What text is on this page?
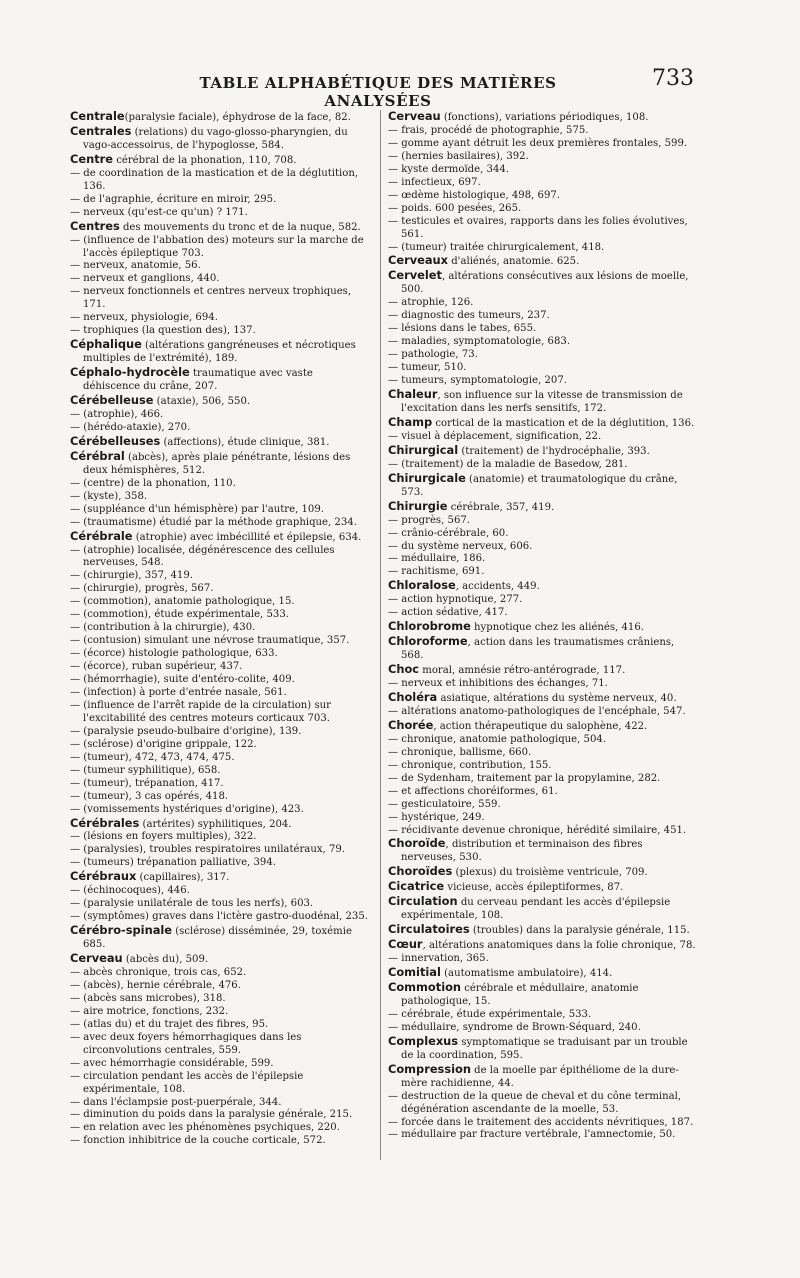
TABLE ALPHABÉTIQUE DES MATIÈRES ANALYSÉES
733

Centrale(paralysie faciale), éphydrose de la face, 82.

Centrales (relations) du vago-glosso-pharyngien, du vago-accessoirus, de l'hypoglosse, 584.

Centre cérébral de la phonation, 110, 708.

— de coordination de la mastication et de la déglutition, 136.

— de l'agraphie, écriture en miroir, 295.

— nerveux (qu'est-ce qu'un) ? 171.

Centres des mouvements du tronc et de la nuque, 582.

— (influence de l'abbation des) moteurs sur la marche de l'accès épileptique 703.

— nerveux, anatomie, 56.

— nerveux et ganglions, 440.

— nerveux fonctionnels et centres nerveux trophiques, 171.

— nerveux, physiologie, 694.

— trophiques (la question des), 137.

Céphalique (altérations gangréneuses et nécrotiques multiples de l'extrémité), 189.

Céphalo-hydrocèle traumatique avec vaste déhiscence du crâne, 207.

Cérébelleuse (ataxie), 506, 550.

— (atrophie), 466.

— (hérédo-ataxie), 270.

Cérébelleuses (affections), étude clinique, 381.

Cérébral (abcès), après plaie pénétrante, lésions des deux hémisphères, 512.

— (centre) de la phonation, 110.

— (kyste), 358.

— (suppléance d'un hémisphère) par l'autre, 109.

— (traumatisme) étudié par la méthode graphique, 234.

Cérébrale (atrophie) avec imbécillité et épilepsie, 634.

— (atrophie) localisée, dégénérescence des cellules nerveuses, 548.

— (chirurgie), 357, 419.

— (chirurgie), progrès, 567.

— (commotion), anatomie pathologique, 15.

— (commotion), étude expérimentale, 533.

— (contribution à la chirurgie), 430.

— (contusion) simulant une névrose traumatique, 357.

— (écorce) histologie pathologique, 633.

— (écorce), ruban supérieur, 437.

— (hémorrhagie), suite d'entéro-colite, 409.

— (infection) à porte d'entrée nasale, 561.

— (influence de l'arrêt rapide de la circulation) sur l'excitabilité des centres moteurs corticaux 703.

— (paralysie pseudo-bulbaire d'origine), 139.

— (sclérose) d'origine grippale, 122.

— (tumeur), 472, 473, 474, 475.

— (tumeur syphilitique), 658.

— (tumeur), trépanation, 417.

— (tumeur), 3 cas opérés, 418.

— (vomissements hystériques d'origine), 423.

Cérébrales (artérites) syphilitiques, 204.

— (lésions en foyers multiples), 322.

— (paralysies), troubles respiratoires unilatéraux, 79.

— (tumeurs) trépanation palliative, 394.

Cérébraux (capillaires), 317.

— (échinocoques), 446.

— (paralysie unilatérale de tous les nerfs), 603.

— (symptômes) graves dans l'ictère gastro-duodénal, 235.

Cérébro-spinale (sclérose) disséminée, 29, toxémie 685.

Cerveau (abcès du), 509.

— abcès chronique, trois cas, 652.

— (abcès), hernie cérébrale, 476.

— (abcès sans microbes), 318.

— aire motrice, fonctions, 232.

— (atlas du) et du trajet des fibres, 95.

— avec deux foyers hémorrhagiques dans les circonvolutions centrales, 559.

— avec hémorrhagie considérable, 599.

— circulation pendant les accès de l'épilepsie expérimentale, 108.

— dans l'éclampsie post-puerpérale, 344.

— diminution du poids dans la paralysie générale, 215.

— en relation avec les phénomènes psychiques, 220.

— fonction inhibitrice de la couche corticale, 572.

Cerveau (fonctions), variations périodiques, 108.

— frais, procédé de photographie, 575.

— gomme ayant détruit les deux premières frontales, 599.

— (hernies basilaires), 392.

— kyste dermoïde, 344.

— infectieux, 697.

— œdème histologique, 498, 697.

— poids. 600 pesées, 265.

— testicules et ovaires, rapports dans les folies évolutives, 561.

— (tumeur) traitée chirurgicalement, 418.

Cerveaux d'aliénés, anatomie. 625.

Cervelet, altérations consécutives aux lésions de moelle, 500.

— atrophie, 126.

— diagnostic des tumeurs, 237.

— lésions dans le tabes, 655.

— maladies, symptomatologie, 683.

— pathologie, 73.

— tumeur, 510.

— tumeurs, symptomatologie, 207.

Chaleur, son influence sur la vitesse de transmission de l'excitation dans les nerfs sensitifs, 172.

Champ cortical de la mastication et de la déglutition, 136.

— visuel à déplacement, signification, 22.

Chirurgical (traitement) de l'hydrocéphalie, 393.

— (traitement) de la maladie de Basedow, 281.

Chirurgicale (anatomie) et traumatologique du crâne, 573.

Chirurgie cérébrale, 357, 419.

— progrès, 567.

— crânio-cérébrale, 60.

— du système nerveux, 606.

— médullaire, 186.

— rachitisme, 691.

Chloralose, accidents, 449.

— action hypnotique, 277.

— action sédative, 417.

Chlorobrome hypnotique chez les aliénés, 416.

Chloroforme, action dans les traumatismes crâniens, 568.

Choc moral, amnésie rétro-antérograde, 117.

— nerveux et inhibitions des échanges, 71.

Choléra asiatique, altérations du système nerveux, 40.

— altérations anatomo-pathologiques de l'encéphale, 547.

Chorée, action thérapeutique du salophène, 422.

— chronique, anatomie pathologique, 504.

— chronique, ballisme, 660.

— chronique, contribution, 155.

— de Sydenham, traitement par la propylamine, 282.

— et affections choréiformes, 61.

— gesticulatoire, 559.

— hystérique, 249.

— récidivante devenue chronique, hérédité similaire, 451.

Choroïde, distribution et terminaison des fibres nerveuses, 530.

Choroïdes (plexus) du troisième ventricule, 709.

Cicatrice vicieuse, accès épileptiformes, 87.

Circulation du cerveau pendant les accès d'épilepsie expérimentale, 108.

Circulatoires (troubles) dans la paralysie générale, 115.

Cœur, altérations anatomiques dans la folie chronique, 78.

— innervation, 365.

Comitial (automatisme ambulatoire), 414.

Commotion cérébrale et médullaire, anatomie pathologique, 15.

— cérébrale, étude expérimentale, 533.

— médullaire, syndrome de Brown-Séquard, 240.

Complexus symptomatique se traduisant par un trouble de la coordination, 595.

Compression de la moelle par épithéliome de la dure-mère rachidienne, 44.

— destruction de la queue de cheval et du cône terminal, dégénération ascendante de la moelle, 53.

— forcée dans le traitement des accidents névritiques, 187.

— médullaire par fracture vertébrale, l'amnectomie, 50.
